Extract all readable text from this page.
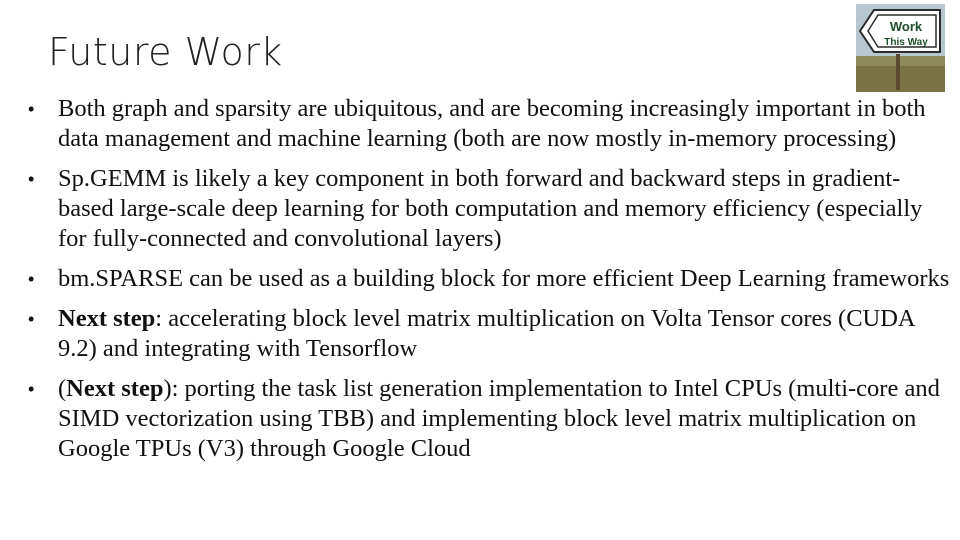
Future Work
Work
This Way
• Both graph and sparsity are ubiquitous, and are becoming increasingly important in both data management and machine learning (both are now mostly in-memory processing)
• Sp.GEMM is likely a key component in both forward and backward steps in gradient-based large-scale deep learning for both computation and memory efficiency (especially for fully-connected and convolutional layers)
• bm.SPARSE can be used as a building block for more efficient Deep Learning frameworks
• Next step: accelerating block level matrix multiplication on Volta Tensor cores (CUDA 9.2) and integrating with Tensorflow
• (Next step): porting the task list generation implementation to Intel CPUs (multi-core and SIMD vectorization using TBB) and implementing block level matrix multiplication on Google TPUs (V3) through Google Cloud
